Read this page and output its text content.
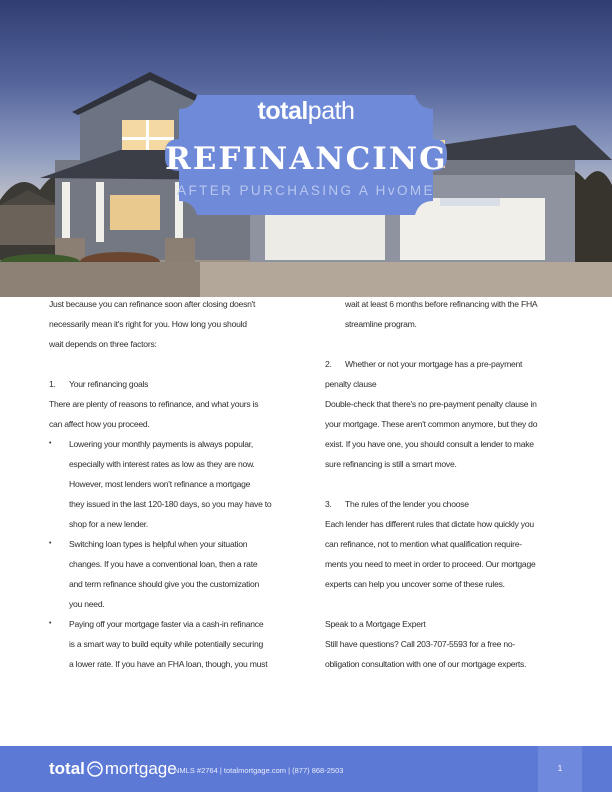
totalpath
REFINANCING
AFTER PURCHASING A HvOME

Just because you can refinance soon after closing doesn't

necessarily mean it's right for you. How long you should

wait depends on three factors:

1.	Your refinancing goals

There are plenty of reasons to refinance, and what yours is

can affect how you proceed.

•	Lowering your monthly payments is always popular,

especially with interest rates as low as they are now.

However, most lenders won't refinance a mortgage

they issued in the last 120-180 days, so you may have to

shop for a new lender.

•	Switching loan types is helpful when your situation

changes. If you have a conventional loan, then a rate

and term refinance should give you the customization

you need.

•	Paying off your mortgage faster via a cash-in refinance

is a smart way to build equity while potentially securing

a lower rate. If you have an FHA loan, though, you must

wait at least 6 months before refinancing with the FHA

streamline program.

2.	Whether or not your mortgage has a pre-payment

penalty clause

Double-check that there's no pre-payment penalty clause in

your mortgage. These aren't common anymore, but they do

exist. If you have one, you should consult a lender to make

sure refinancing is still a smart move.

3.	The rules of the lender you choose

Each lender has different rules that dictate how quickly you

can refinance, not to mention what qualification require-

ments you need to meet in order to proceed. Our mortgage

experts can help you uncover some of these rules.

Speak to a Mortgage Expert

Still have questions? Call 203-707-5593 for a free no-

obligation consultation with one of our mortgage experts.

total mortgage
NMLS #2764 | totalmortgage.com | (877) 868-2503	1
